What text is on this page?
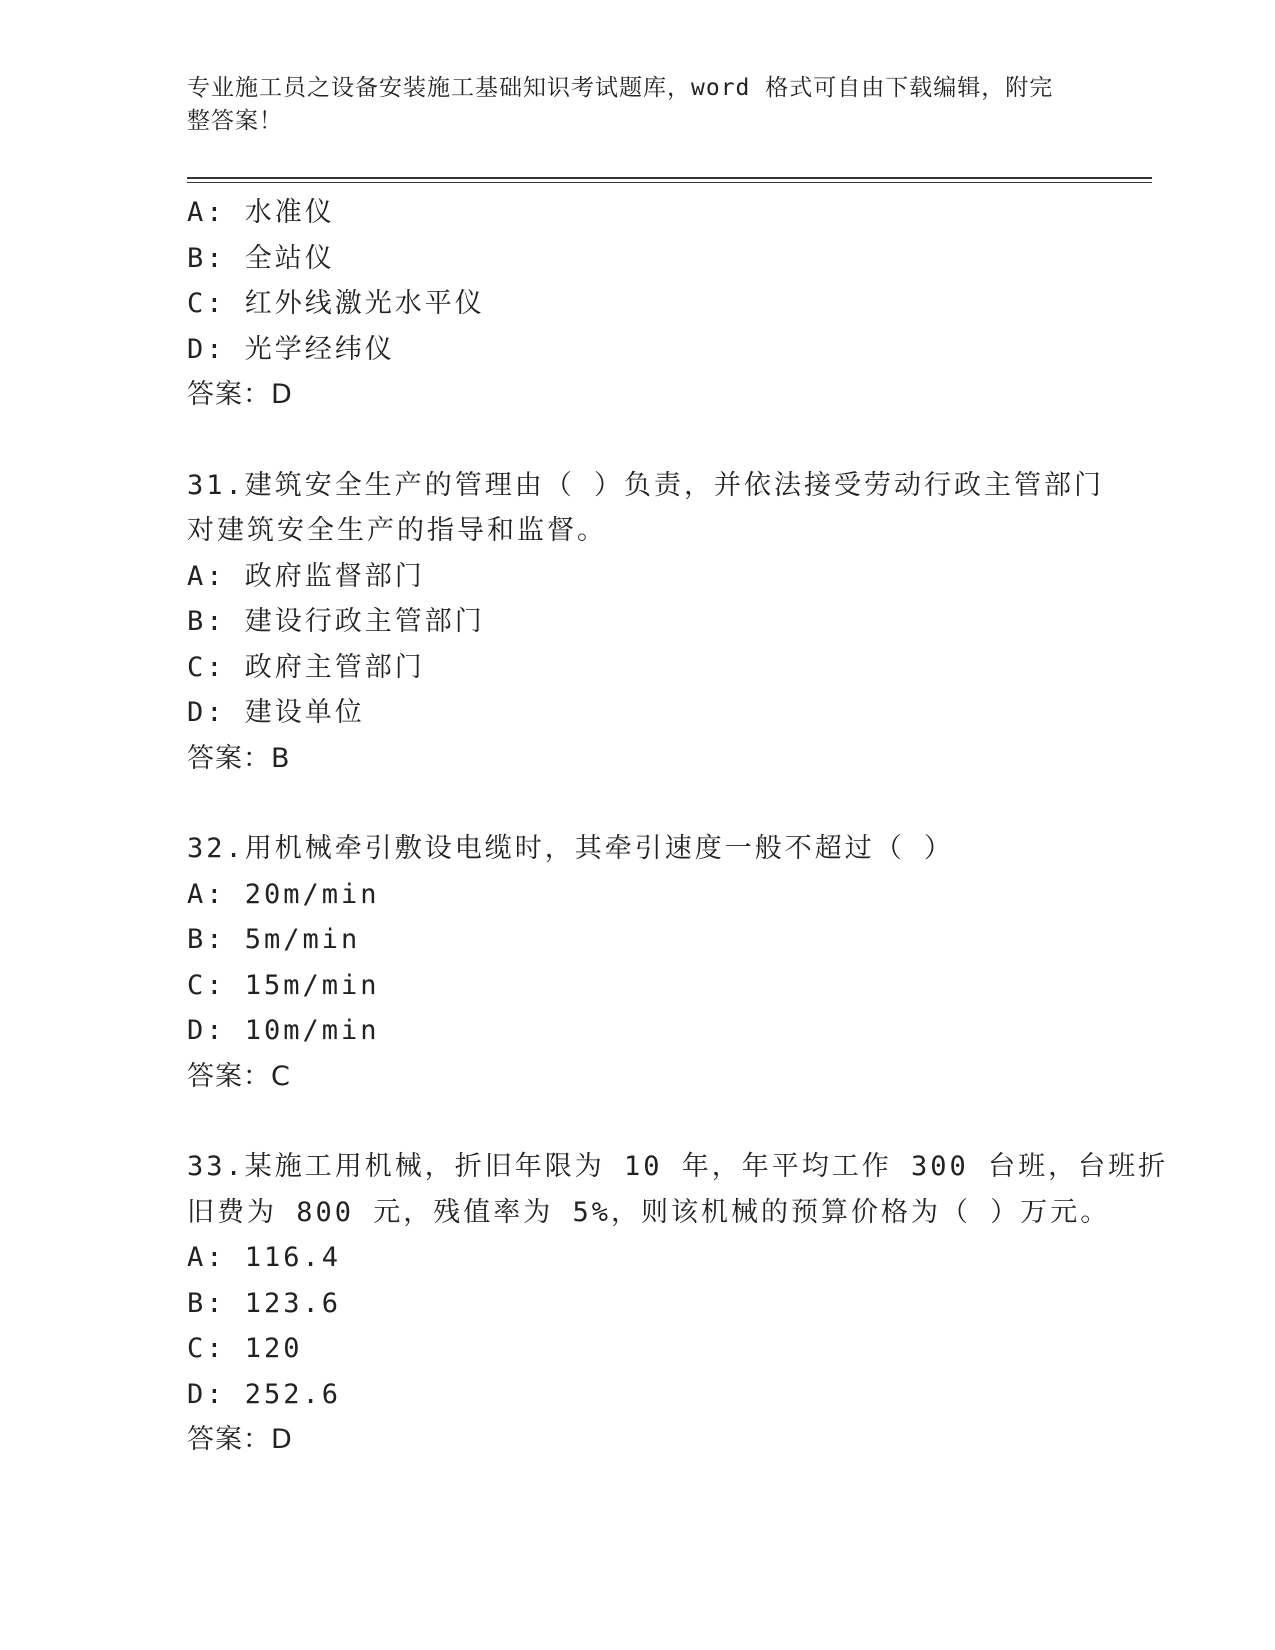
专业施工员之设备安装施工基础知识考试题库，word 格式可自由下载编辑，附完
整答案！
A: 水准仪
B: 全站仪
C: 红外线激光水平仪
D: 光学经纬仪
答案：D
31.建筑安全生产的管理由（ ）负责，并依法接受劳动行政主管部门
对建筑安全生产的指导和监督。
A: 政府监督部门
B: 建设行政主管部门
C: 政府主管部门
D: 建设单位
答案：B
32.用机械牵引敷设电缆时，其牵引速度一般不超过（ ）
A: 20m/min
B: 5m/min
C: 15m/min
D: 10m/min
答案：C
33.某施工用机械，折旧年限为 10 年，年平均工作 300 台班，台班折
旧费为 800 元，残值率为 5%，则该机械的预算价格为（ ）万元。
A: 116.4
B: 123.6
C: 120
D: 252.6
答案：D
